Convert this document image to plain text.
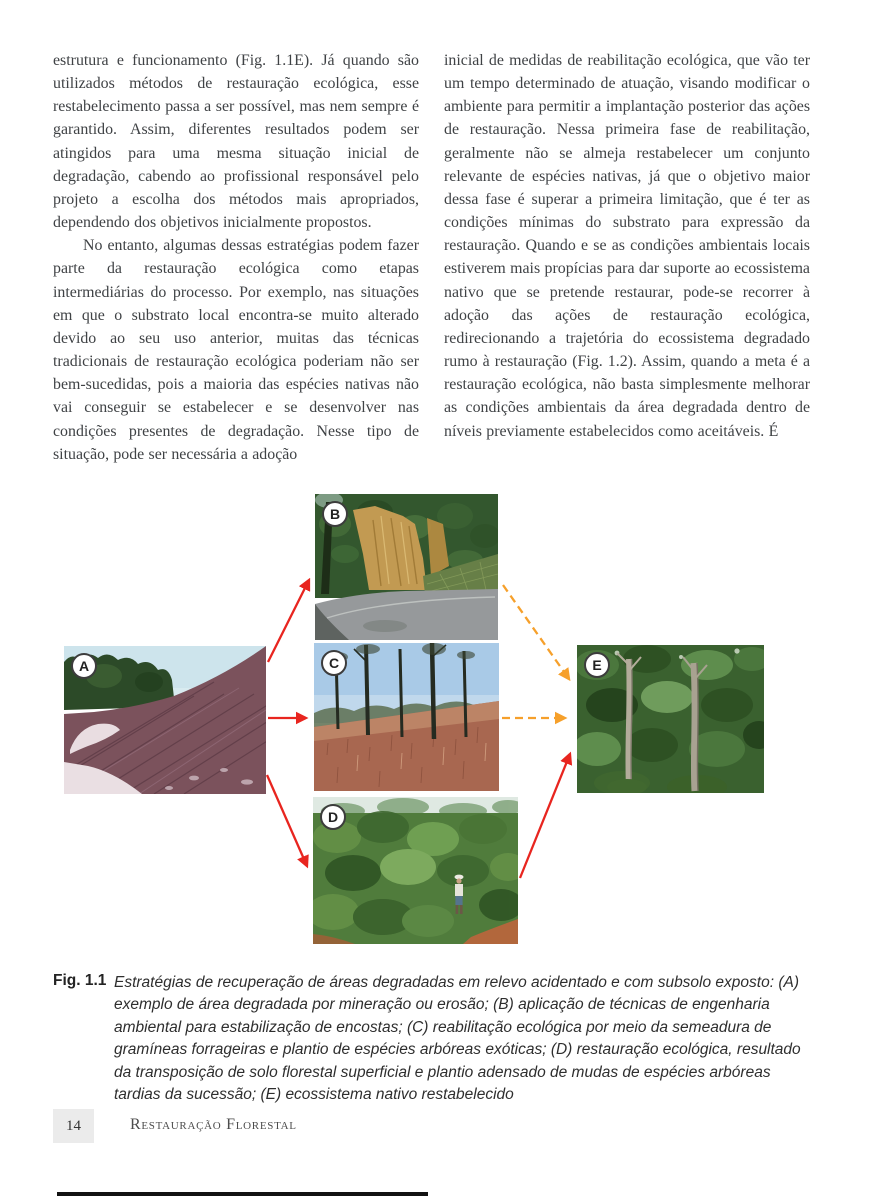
estrutura e funcionamento (Fig. 1.1E). Já quando são utilizados métodos de restauração ecológica, esse restabelecimento passa a ser possível, mas nem sempre é garantido. Assim, diferentes resultados podem ser atingidos para uma mesma situação inicial de degradação, cabendo ao profissional responsável pelo projeto a escolha dos métodos mais apropriados, dependendo dos objetivos inicialmente propostos.

No entanto, algumas dessas estratégias podem fazer parte da restauração ecológica como etapas intermediárias do processo. Por exemplo, nas situações em que o substrato local encontra-se muito alterado devido ao seu uso anterior, muitas das técnicas tradicionais de restauração ecológica poderiam não ser bem-sucedidas, pois a maioria das espécies nativas não vai conseguir se estabelecer e se desenvolver nas condições presentes de degradação. Nesse tipo de situação, pode ser necessária a adoção

inicial de medidas de reabilitação ecológica, que vão ter um tempo determinado de atuação, visando modificar o ambiente para permitir a implantação posterior das ações de restauração. Nessa primeira fase de reabilitação, geralmente não se almeja restabelecer um conjunto relevante de espécies nativas, já que o objetivo maior dessa fase é superar a primeira limitação, que é ter as condições mínimas do substrato para expressão da restauração. Quando e se as condições ambientais locais estiverem mais propícias para dar suporte ao ecossistema nativo que se pretende restaurar, pode-se recorrer à adoção das ações de restauração ecológica, redirecionando a trajetória do ecossistema degradado rumo à restauração (Fig. 1.2). Assim, quando a meta é a restauração ecológica, não basta simplesmente melhorar as condições ambientais da área degradada dentro de níveis previamente estabelecidos como aceitáveis. É

A
B
C
D
E
Fig. 1.1 Estratégias de recuperação de áreas degradadas em relevo acidentado e com subsolo exposto: (A) exemplo de área degradada por mineração ou erosão; (B) aplicação de técnicas de engenharia ambiental para estabilização de encostas; (C) reabilitação ecológica por meio da semeadura de gramíneas forrageiras e plantio de espécies arbóreas exóticas; (D) restauração ecológica, resultado da transposição de solo florestal superficial e plantio adensado de mudas de espécies arbóreas tardias da sucessão; (E) ecossistema nativo restabelecido
14	Restauração Florestal
